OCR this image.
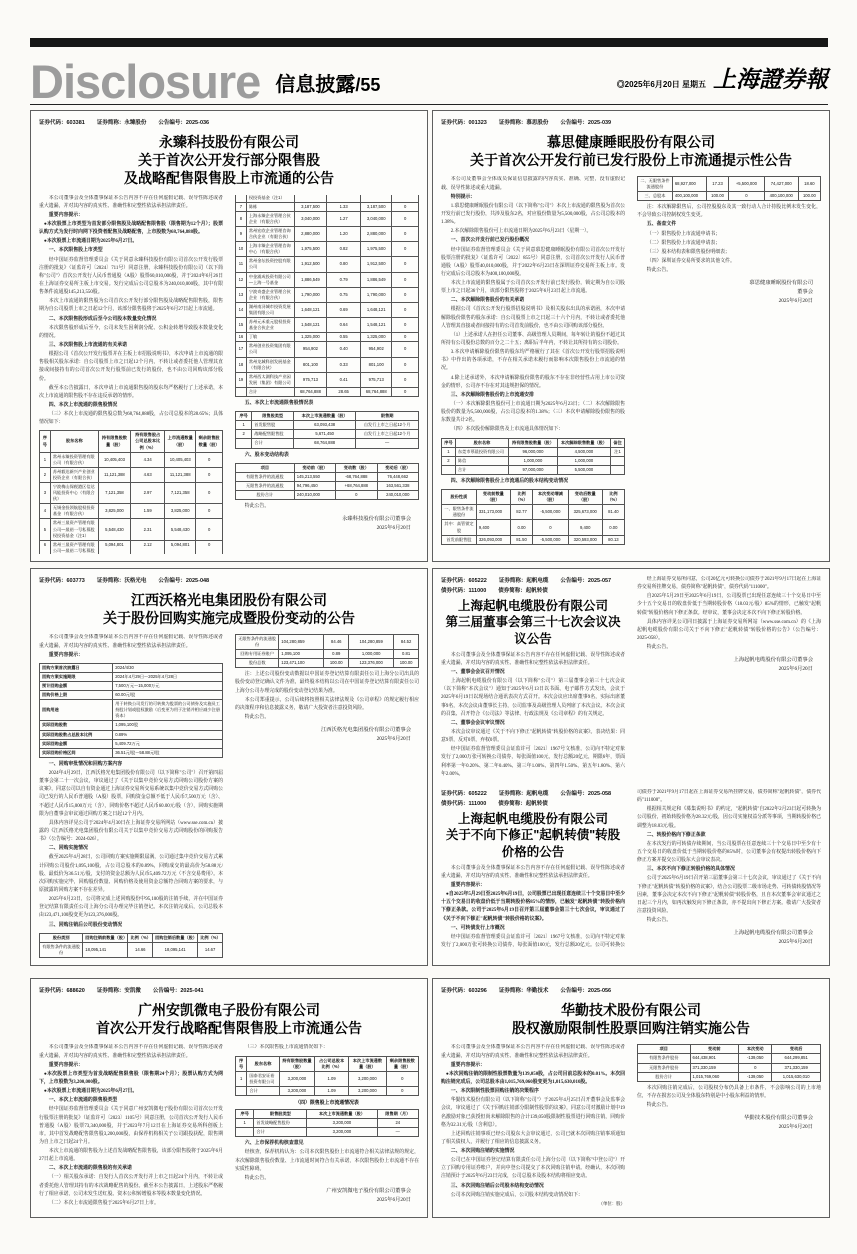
Disclosure 信息披露/55	◎2025年6月20日 星期五 上海證券報
证券代码：603381 证券简称：永臻股份 公告编号：2025-036
永臻科技股份有限公司
关于首次公开发行部分限售股
及战略配售限售股上市流通的公告
本公司董事会及全体董事保证本公告内容不存在任何虚假记载、误导性陈述或者重大遗漏，并对其内容的真实性、准确性和完整性依法承担法律责任。
重要内容提示：
●本次股票上市类型为首发部分限售股及战略配售限售股（限售期为12个月）；股票认购方式为发行时向网下投资者配售及战略配售，上市股数为68,764,888股。
●本次股票上市流通日期为2025年6月27日。
一、本次限售股上市类型
经中国证券监督管理委员会《关于同意永臻科技股份有限公司首次公开发行股票注册的批复》（证监许可〔2024〕711号）同意注册，永臻科技股份有限公司（以下简称"公司"）首次公开发行人民币普通股（A股）股票60,010,000股，并于2024年6月26日在上海证券交易所主板上市交易。发行完成后公司总股本为240,010,000股，其中有限售条件流通股145,213,550股。
本次上市流通的限售股为公司首次公开发行部分限售股及战略配售限售股，限售期为自公司股票上市之日起12个月，该部分限售股将于2025年6月27日起上市流通。
二、本次限售股形成后至今公司股本数量变化情况
本次限售股形成后至今，公司未发生因利润分配、公积金转增导致股本数量变化的情况。
三、本次限售股上市流通的有关承诺
根据公司《首次公开发行股票并在主板上市招股说明书》，本次申请上市流通的限售股相关股东承诺：自公司股票上市之日起12个月内，不转让或者委托他人管理其直接或间接持有的公司首次公开发行股票前已发行的股份，也不由公司回购该部分股份。
截至本公告披露日，本次申请上市流通限售股的股东均严格履行了上述承诺，本次上市流通的限售股不存在违反承诺的情形。
四、本次上市流通的限售股情况
（三）本次上市流通的限售股总数为68,764,888股，占公司总股本的28.65%；具体情况如下：
序号	股东名称	持有限售股数量（股）	持有限售股占公司总股本比例（%）	上市流通数量（股）	剩余限售股数量（股）
1	常州永臻投资管理有限公司（有限合伙）	10,405,403	4.34	10,405,403	0
2	苏州毅达新兴产业创业投资企业（有限合伙）	11,121,388	4.63	11,121,388	0
3	宁波梅山保税港区信达风能投资中心（有限合伙）	7,121,358	2.97	7,121,358	0
4	无锡金投领航股权投资基金（有限合伙）	3,825,000	1.59	3,825,000	0
5	常州三晟资产管理有限公司—晟裕一号私募股权投资基金（注1）	5,548,430	2.31	5,548,430	0
6	常州三晟资产管理有限公司—晟裕二号私募股权投资基金（注1）	5,094,801	2.12	5,094,801	0
7	陈栋	3,187,500	1.33	3,187,500	0
8	上海永臻企业管理合伙企业（有限合伙）	3,040,000	1.27	3,040,000	0
9	常州宏欣企业管理咨询合伙企业（有限合伙）	2,880,000	1.20	2,880,000	0
10	上海丰臻企业管理咨询中心（有限合伙）	1,975,500	0.82	1,975,500	0
11	常州金坛投资控股有限公司	1,912,500	0.80	1,912,500	0
12	中金浦成投资有限公司—上海一号基金	1,886,549	0.79	1,886,549	0
13	宁波奇盛企业管理合伙企业（有限合伙）	1,790,000	0.75	1,790,000	0
14	湖州南浔城市投资发展集团有限公司	1,648,121	0.69	1,648,121	0
15	苏州元禾重元股权投资基金合伙企业	1,548,121	0.64	1,548,121	0
16	丁敏	1,325,000	0.55	1,325,000	0
17	常州创业投资集团有限公司	954,902	0.40	954,902	0
18	常州龙城科创发展基金（有限合伙）	801,100	0.33	801,100	0
19	常州西太湖科技产业园发展（集团）有限公司	975,713	0.41	975,713	0
	合计	68,764,888	28.65	68,764,888	0
五、本次上市流通限售股情况表
序号	限售股类型	本次上市流通数量（股）	限售期
1	首发限售股	63,093,438	自发行上市之日起12个月
2	战略配售限售股	5,671,450	自发行上市之日起12个月
	合计	68,764,888	—
六、股本变动结构表
项目	变动前（股）	变动数（股）	变动后（股）
有限售条件的流通股	145,213,550	-68,764,888	76,448,662
无限售条件的流通股	94,796,450	+68,764,888	163,561,338
股份合计	240,010,000	0	240,010,000
特此公告。
永臻科技股份有限公司董事会
2025年6月20日
证券代码：001323 证券简称：慕思股份 公告编号：2025-039
慕思健康睡眠股份有限公司
关于首次公开发行前已发行股份上市流通提示性公告
本公司及董事会全体成员保证信息披露的内容真实、准确、完整，没有虚假记载、误导性陈述或重大遗漏。
特别提示：
1.慕思健康睡眠股份有限公司（以下简称"公司"）本次上市流通的限售股为首次公开发行前已发行股份，共涉及股东2名，对应股份数量为5,500,000股，占公司总股本的1.38%。
2.本次解除限售股份可上市流通日期为2025年6月23日（星期一）。
一、首次公开发行前已发行股份概况
经中国证券监督管理委员会《关于同意慕思健康睡眠股份有限公司首次公开发行股票注册的批复》（证监许可〔2022〕855号）同意注册，公司首次公开发行人民币普通股（A股）股票40,010,000股，并于2022年6月23日在深圳证券交易所主板上市。发行完成后公司总股本为400,100,000股。
本次上市流通的限售股属于公司首次公开发行前已发行股份，锁定期为自公司股票上市之日起36个月，该部分限售股将于2025年6月23日起上市流通。
二、本次解除限售股份的有关承诺
根据公司《首次公开发行股票招股说明书》及相关股东出具的承诺函，本次申请解除股份限售的股东承诺：自公司股票上市之日起三十六个月内，不转让或者委托他人管理其直接或者间接持有的公司首发前股份，也不由公司回购该部分股份。
（1）上述承诺人在担任公司董事、高级管理人员期间，每年转让的股份不超过其所持有公司股份总数的百分之二十五；离职后半年内，不转让其所持有的公司股份。
3.本次申请解除股份限售的股东均严格履行了其在《首次公开发行股票招股说明书》中作出的各项承诺，不存在相关承诺未履行而影响本次限售股份上市流通的情况。
4.除上述承诺外，本次申请解除股份限售的股东不存在非经营性占用上市公司资金的情形，公司亦不存在对其违规担保的情况。
三、本次解除限售股份的上市流通安排
（一）本次解除限售股份可上市流通日期为2025年6月23日；（二）本次解除限售股份的数量为5,500,000股，占公司总股本的1.38%；（三）本次申请解除股份限售的股东数量共计2名。
（四）本次股份解除限售及上市流通具体情况如下：
序号	股东名称	持有限售股数量（股）	本次解除限售数量（股）	备注
1	东莞市慕晨投资有限公司	96,000,000	4,500,000	注1
2	陈信	1,000,000	1,000,000	
	合计	97,000,000	5,500,000	
四、本次解除限售股份上市流通后的股本结构变动情况
股份性质	变动前数量（股）	比例（%）	本次变动增减（股）	变动后数量（股）	比例（%）
一、限售条件流通股份	331,173,000	82.77	-5,500,000	325,673,000	81.40
其中：高管锁定股	9,400	0.00	0	9,400	0.00
首发前限售股	326,093,000	81.50	-5,500,000	320,593,000	80.13
二、无限售条件流通股份	68,927,000	17.23	+5,500,000	74,427,000	18.60
三、总股本	400,100,000	100.00	0	400,100,000	100.00
注：本次解除限售后，公司控股股东及其一致行动人合计持股比例未发生变化，不会导致公司控制权发生变更。
五、备查文件
（一）限售股份上市流通申请书；
（二）限售股份上市流通申请表；
（三）股本结构表和限售股份明细表；
（四）深圳证券交易所要求的其他文件。
特此公告。
慕思健康睡眠股份有限公司
董事会
2025年6月20日
证券代码：603773 证券简称：沃格光电 公告编号：2025-048
江西沃格光电集团股份有限公司
关于股份回购实施完成暨股份变动的公告
本公司董事会及全体董事保证本公告内容不存在任何虚假记载、误导性陈述或者重大遗漏，并对其内容的真实性、准确性和完整性依法承担法律责任。
重要内容提示：
回购方案首次披露日	2024/4/30
回购方案实施期限	2024年4月29日～2025年4月28日
预计回购金额	7,500万元～15,000万元
回购价格上限	60.00元/股
回购用途	用于转换公司发行的可转换为股票的公司债券及实施员工持股计划或股权激励（后变更为用于注销并相应减少注册资本）
实际回购股数	1,095,100股
实际回购股数占总股本比例	0.89%
实际回购金额	5,409.72万元
实际回购价格区间	36.51元/股～58.88元/股
一、回购审批情况和回购方案内容
2024年4月29日，江西沃格光电集团股份有限公司（以下简称"公司"）召开第四届董事会第二十一次会议，审议通过了《关于以集中竞价交易方式回购公司股份方案的议案》，同意公司以自有资金通过上海证券交易所交易系统以集中竞价交易方式回购公司已发行的人民币普通股（A股）股票，回购资金总额不低于人民币7,500万元（含）、不超过人民币15,000万元（含），回购价格不超过人民币60.00元/股（含），回购实施期限为自董事会审议通过回购方案之日起12个月内。
具体内容详见公司于2024年4月30日在上海证券交易所网站（www.sse.com.cn）披露的《江西沃格光电集团股份有限公司关于以集中竞价交易方式回购股份的回购报告书》（公告编号：2024-026）。
二、回购实施情况
截至2025年4月28日，公司回购方案实施期限届满，公司通过集中竞价交易方式累计回购公司股份1,095,100股，占公司总股本的0.89%，回购成交的最高价为58.88元/股、最低价为36.51元/股，支付的资金总额为人民币5,409.72万元（不含交易费用）。本次回购实施完毕，回购股份数量、回购价格及使用资金总额符合回购方案的要求，与原披露的回购方案不存在差异。
2025年6月23日，公司将完成上述回购股份中95,100股的注销手续，并在中国证券登记结算有限责任公司上海分公司办理完毕注销登记。本次注销完成后，公司总股本由123,471,100股变更为123,376,000股。
三、回购注销后公司股份变动情况
股份类别	回购注销前数量（股）	比例（%）	回购注销后数量（股）	比例（%）
有限售条件的流通股份	18,095,141	14.66	18,095,141	14.67
无限售条件的流通股份	104,280,859	84.46	104,280,859	84.52
回购专用证券账户	1,095,100	0.89	1,000,000	0.81
股份总数	123,471,100	100.00	123,376,000	100.00
注：上述公司股份变动数据以中国证券登记结算有限责任公司上海分公司出具的股份变动登记确认文件为准，最终股本结构以公司在中国证券登记结算有限责任公司上海分公司办理完成的股份变动登记结果为准。
本公司郑重提示，公司后续将按照相关法律法规及《公司章程》的规定履行相应的决策程序和信息披露义务，敬请广大投资者注意投资风险。
特此公告。
江西沃格光电集团股份有限公司董事会
2025年6月20日
证券代码：605222 证券简称：起帆电缆 公告编号：2025-057
债券代码：111000 债券简称：起帆转债
上海起帆电缆股份有限公司
第三届董事会第三十七次会议决议公告
本公司董事会及全体董事保证本公告内容不存在任何虚假记载、误导性陈述或者重大遗漏，并对其内容的真实性、准确性和完整性依法承担法律责任。
一、董事会会议召开情况
上海起帆电缆股份有限公司（以下简称"公司"）第三届董事会第三十七次会议（以下简称"本次会议"）通知于2025年6月13日以书面、电子邮件方式发出，会议于2025年6月19日以现场结合通讯表决方式召开。本次会议应出席董事9名，实际出席董事9名，本次会议由董事长主持，公司监事及高级管理人员列席了本次会议。本次会议的召集、召开符合《公司法》等法律、行政法规及《公司章程》的有关规定。
二、董事会会议审议情况
本次会议审议通过《关于不向下修正"起帆转债"转股价格的议案》。表决结果：同意9票，反对0票，弃权0票。
经中国证券监督管理委员会证监许可〔2021〕1967号文核准，公司向不特定对象发行了2,000万张可转换公司债券，每张面值100元，发行总额20亿元，期限6年，票面利率第一年0.20%、第二年0.40%、第三年1.00%、第四年1.50%、第五年1.80%、第六年2.00%。
经上海证券交易所同意，公司20亿元可转换公司债券于2021年9月17日起在上海证券交易所挂牌交易，债券简称"起帆转债"，债券代码"111000"。
自2025年5月29日至2025年6月19日，公司股票已出现任意连续三十个交易日中至少十五个交易日的收盘价低于当期转股价格（18.03元/股）85%的情形，已触发"起帆转债"转股价格向下修正条款。经审议，董事会决定本次不向下修正转股价格。
具体内容详见公司同日披露于上海证券交易所网站（www.sse.com.cn）的《上海起帆电缆股份有限公司关于不向下修正"起帆转债"转股价格的公告》（公告编号：2025-058）。
特此公告。
上海起帆电缆股份有限公司董事会
2025年6月20日
证券代码：605222 证券简称：起帆电缆 公告编号：2025-058
债券代码：111000 债券简称：起帆转债
上海起帆电缆股份有限公司
关于不向下修正"起帆转债"转股
价格的公告
本公司董事会及全体董事保证本公告内容不存在任何虚假记载、误导性陈述或者重大遗漏，并对其内容的真实性、准确性和完整性依法承担法律责任。
重要内容提示：
●自2025年5月29日至2025年6月19日，公司股票已出现任意连续三十个交易日中至少十五个交易日的收盘价低于当期转股价格85%的情形，已触发"起帆转债"转股价格向下修正条款。公司于2025年6月19日召开第三届董事会第三十七次会议，审议通过了《关于不向下修正"起帆转债"转股价格的议案》。
一、可转债发行上市概况
经中国证券监督管理委员会证监许可〔2021〕1967号文核准，公司向不特定对象发行了2,000万张可转换公司债券，每张面值100元，发行总额20亿元。公司可转换公司债券于2021年9月17日起在上海证券交易所挂牌交易，债券简称"起帆转债"，债券代码"111000"。
根据相关规定和《募集说明书》的约定，"起帆转债"自2022年2月23日起可转换为公司股份，初始转股价格为28.32元/股，因公司实施权益分派等事项，当期转股价格已调整为18.03元/股。
二、转股价格向下修正条款
在本次发行的可转债存续期间，当公司股票在任意连续三十个交易日中至少有十五个交易日的收盘价低于当期转股价格的85%时，公司董事会有权提出转股价格向下修正方案并提交公司股东大会审议表决。
三、本次不向下修正转股价格的具体情况
公司于2025年6月19日召开第三届董事会第三十七次会议，审议通过了《关于不向下修正"起帆转债"转股价格的议案》，结合公司股票二级市场走势、可转债转股情况等因素，董事会决定本次不向下修正"起帆转债"转股价格，且自本次董事会审议通过之日起三个月内，如再次触发向下修正条款，亦不提出向下修正方案。敬请广大投资者注意投资风险。
特此公告。
上海起帆电缆股份有限公司董事会
2025年6月20日
证券代码：688620 证券简称：安凯微 公告编号：2025-041
广州安凯微电子股份有限公司
首次公开发行战略配售限售股上市流通公告
本公司董事会及全体董事保证本公告内容不存在任何虚假记载、误导性陈述或者重大遗漏，并对其内容的真实性、准确性和完整性依法承担法律责任。
重要内容提示：
●本次股票上市类型为首发战略配售限售股（限售期24个月）；股票认购方式为网下，上市股数为3,200,000股。
●本次股票上市流通日期为2025年6月27日。
一、本次上市流通的限售股类型
经中国证券监督管理委员会《关于同意广州安凯微电子股份有限公司首次公开发行股票注册的批复》（证监许可〔2023〕1105号）同意注册，公司首次公开发行人民币普通股（A股）股票73,340,000股，并于2023年7月12日在上海证券交易所科创板上市。其中首发战略配售限售股3,200,000股，由保荐机构相关子公司跟投获配，限售期为自上市之日起24个月。
本次上市流通的限售股为上述首发战略配售限售股，该部分限售股将于2025年6月27日起上市流通。
二、本次上市流通的限售股的有关承诺
（一）相关股东承诺：自发行人首次公开发行并上市之日起24个月内，不转让或者委托他人管理其持有的本次战略配售的股份。截至本公告披露日，上述股东严格履行了相应承诺，公司未发生送红股、资本公积转增股本等股本数量变化情况。
（二）本次上市流通限售股于2025年6月27日上市。
（三）本次限售股上市流通情况如下：
序号	股东名称	持有限售股数量（股）	占公司总股本比例（%）	本次上市流通数量（股）	剩余限售股数量（股）
1	国泰君安证裕投资有限公司	3,200,000	1.09	3,200,000	0
	合计	3,200,000	1.09	3,200,000	0
（四）限售股上市流通情况表
序号	限售股类型	本次上市流通数量（股）	限售期（月）
1	首发战略配售股份	3,200,000	24
	合计	3,200,000	—
六、上市保荐机构核查意见
经核查，保荐机构认为：公司本次限售股份上市流通符合相关法律法规的规定，本次解除限售股份数量、上市流通时间符合有关承诺，本次限售股份上市流通不存在实质性障碍。
特此公告。
广州安凯微电子股份有限公司董事会
2025年6月20日
证券代码：603296 证券简称：华勤技术 公告编号：2025-056
华勤技术股份有限公司
股权激励限制性股票回购注销实施公告
本公司董事会及全体董事保证本公告内容不存在任何虚假记载、误导性陈述或者重大遗漏，并对其内容的真实性、准确性和完整性依法承担法律责任。
重要内容提示：
●本次回购注销的限制性股票数量为139,050股，占公司目前总股本的0.01%。本次回购注销完成后，公司总股本由1,015,769,060股变更为1,015,630,010股。
一、本次限制性股票回购注销的决策程序
华勤技术股份有限公司（以下简称"公司"）于2025年4月25日召开董事会及监事会会议，审议通过了《关于回购注销部分限制性股票的议案》，同意公司对激励计划中19名激励对象已获授但尚未解除限售的合计139,050股限制性股票进行回购注销，回购价格为32.31元/股（含利息）。
上述回购注销事项已经公司股东大会审议通过，公司已就本次回购注销事项通知了相关债权人，并履行了相应的信息披露义务。
二、本次回购注销的实施情况
公司已在中国证券登记结算有限责任公司上海分公司（以下简称"中登公司"）开立了回购专用证券账户，并向中登公司提交了本次回购注销申请。经确认，本次回购注销预计于2025年6月23日完成，公司总股本及股本结构将相应变动。
三、本次回购注销后公司股本结构变动情况
公司本次回购注销实施完成后，公司股本结构变动情况如下：
（单位：股）
项目	变动前	本次变动	变动后
有限售条件股份	644,438,901	-139,050	644,299,851
无限售条件股份	371,330,159	0	371,330,159
股份合计	1,015,769,060	-139,050	1,015,630,010
本次回购注销完成后，公司股权分布仍具备上市条件，不会影响公司的上市地位，不存在损害公司及全体股东特别是中小股东利益的情形。
特此公告。
华勤技术股份有限公司董事会
2025年6月20日
